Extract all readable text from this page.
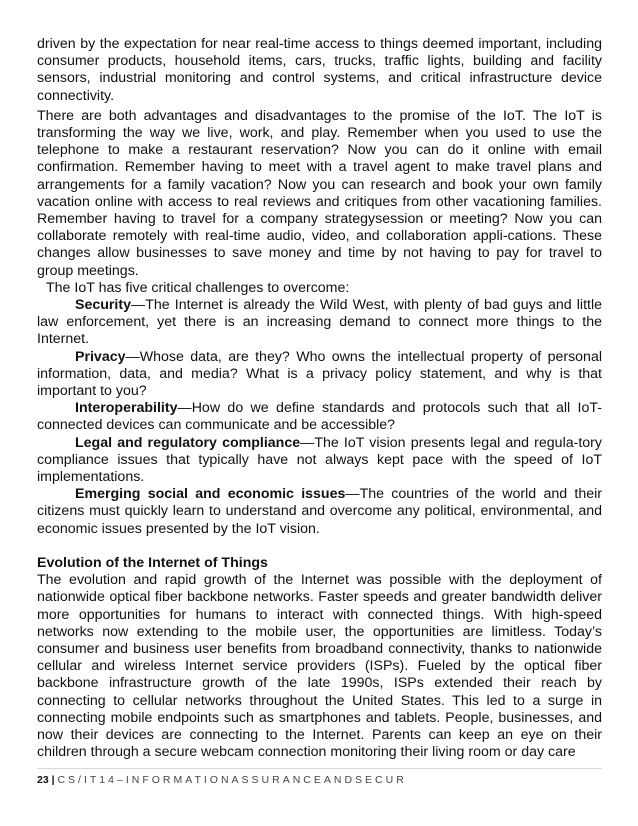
driven by the expectation for near real-time access to things deemed important, including consumer products, household items, cars, trucks, traffic lights, building and facility sensors, industrial monitoring and control systems, and critical infrastructure device connectivity.

There are both advantages and disadvantages to the promise of the IoT. The IoT is transforming the way we live, work, and play. Remember when you used to use the telephone to make a restaurant reservation? Now you can do it online with email confirmation. Remember having to meet with a travel agent to make travel plans and arrangements for a family vacation? Now you can research and book your own family vacation online with access to real reviews and critiques from other vacationing families. Remember having to travel for a company strategysession or meeting? Now you can collaborate remotely with real-time audio, video, and collaboration appli-cations. These changes allow businesses to save money and time by not having to pay for travel to group meetings.

The IoT has five critical challenges to overcome:

Security—The Internet is already the Wild West, with plenty of bad guys and little law enforcement, yet there is an increasing demand to connect more things to the Internet.

Privacy—Whose data, are they? Who owns the intellectual property of personal information, data, and media? What is a privacy policy statement, and why is that important to you?

Interoperability—How do we define standards and protocols such that all IoT-connected devices can communicate and be accessible?

Legal and regulatory compliance—The IoT vision presents legal and regula-tory compliance issues that typically have not always kept pace with the speed of IoT implementations.

Emerging social and economic issues—The countries of the world and their citizens must quickly learn to understand and overcome any political, environmental, and economic issues presented by the IoT vision.

Evolution of the Internet of Things

The evolution and rapid growth of the Internet was possible with the deployment of nationwide optical fiber backbone networks. Faster speeds and greater bandwidth deliver more opportunities for humans to interact with connected things. With high-speed networks now extending to the mobile user, the opportunities are limitless. Today’s consumer and business user benefits from broadband connectivity, thanks to nationwide cellular and wireless Internet service providers (ISPs). Fueled by the optical fiber backbone infrastructure growth of the late 1990s, ISPs extended their reach by connecting to cellular networks throughout the United States. This led to a surge in connecting mobile endpoints such as smartphones and tablets. People, businesses, and now their devices are connecting to the Internet. Parents can keep an eye on their children through a secure webcam connection monitoring their living room or day care

23 | CS/IT14–INFORMATIONASSURANCEANDSECUR
